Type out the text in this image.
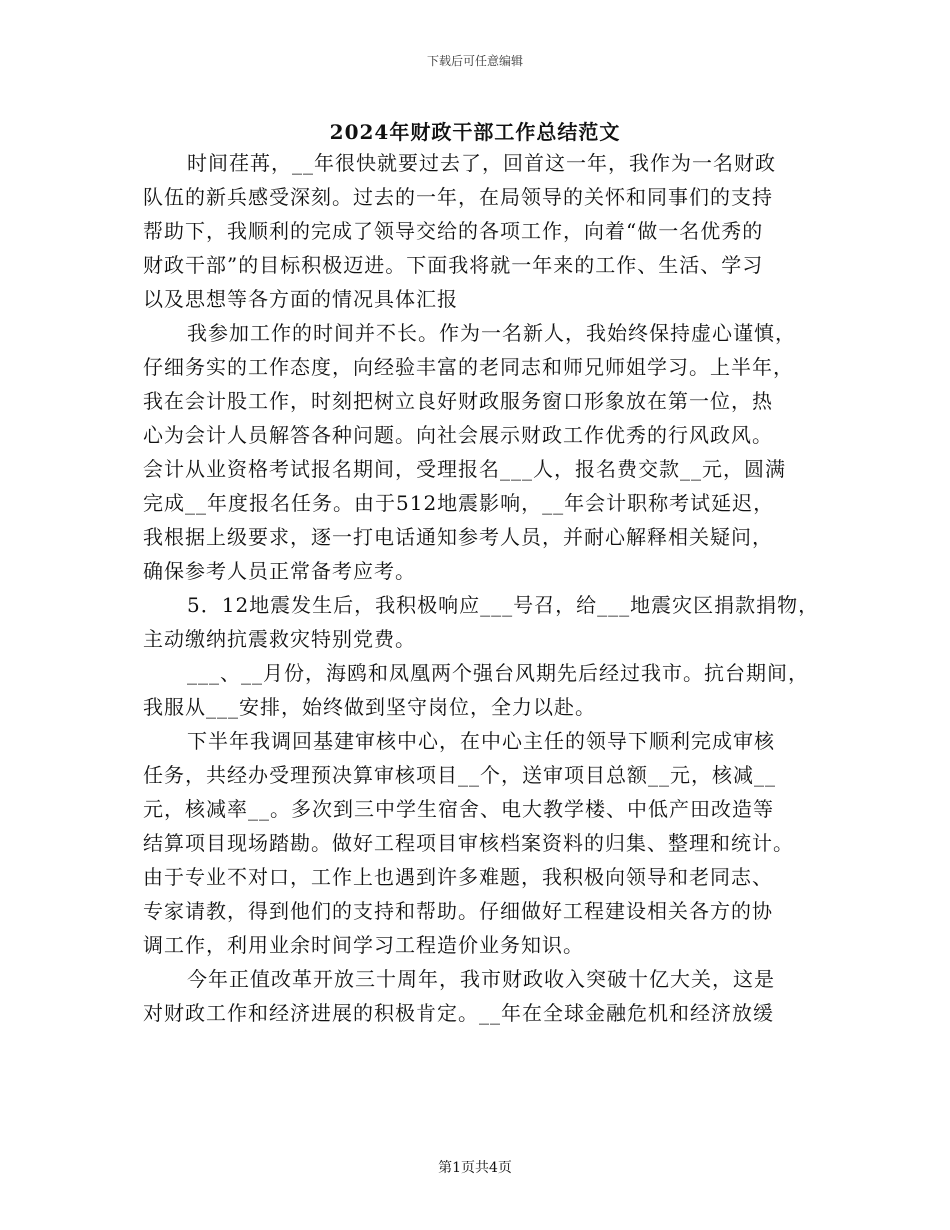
下载后可任意编辑
2024年财政干部工作总结范文
时间荏苒，__年很快就要过去了，回首这一年，我作为一名财政
队伍的新兵感受深刻。过去的一年，在局领导的关怀和同事们的支持
帮助下，我顺利的完成了领导交给的各项工作，向着“做一名优秀的
财政干部”的目标积极迈进。下面我将就一年来的工作、生活、学习
以及思想等各方面的情况具体汇报
我参加工作的时间并不长。作为一名新人，我始终保持虚心谨慎，
仔细务实的工作态度，向经验丰富的老同志和师兄师姐学习。上半年，
我在会计股工作，时刻把树立良好财政服务窗口形象放在第一位，热
心为会计人员解答各种问题。向社会展示财政工作优秀的行风政风。
会计从业资格考试报名期间，受理报名___人，报名费交款__元，圆满
完成__年度报名任务。由于512地震影响，__年会计职称考试延迟，
我根据上级要求，逐一打电话通知参考人员，并耐心解释相关疑问，
确保参考人员正常备考应考。
5．12地震发生后，我积极响应___号召，给___地震灾区捐款捐物，
主动缴纳抗震救灾特别党费。
___、__月份，海鸥和凤凰两个强台风期先后经过我市。抗台期间，
我服从___安排，始终做到坚守岗位，全力以赴。
下半年我调回基建审核中心，在中心主任的领导下顺利完成审核
任务，共经办受理预决算审核项目__个，送审项目总额__元，核减__
元，核减率__。多次到三中学生宿舍、电大教学楼、中低产田改造等
结算项目现场踏勘。做好工程项目审核档案资料的归集、整理和统计。
由于专业不对口，工作上也遇到许多难题，我积极向领导和老同志、
专家请教，得到他们的支持和帮助。仔细做好工程建设相关各方的协
调工作，利用业余时间学习工程造价业务知识。
今年正值改革开放三十周年，我市财政收入突破十亿大关，这是
对财政工作和经济进展的积极肯定。__年在全球金融危机和经济放缓
第1页共4页
